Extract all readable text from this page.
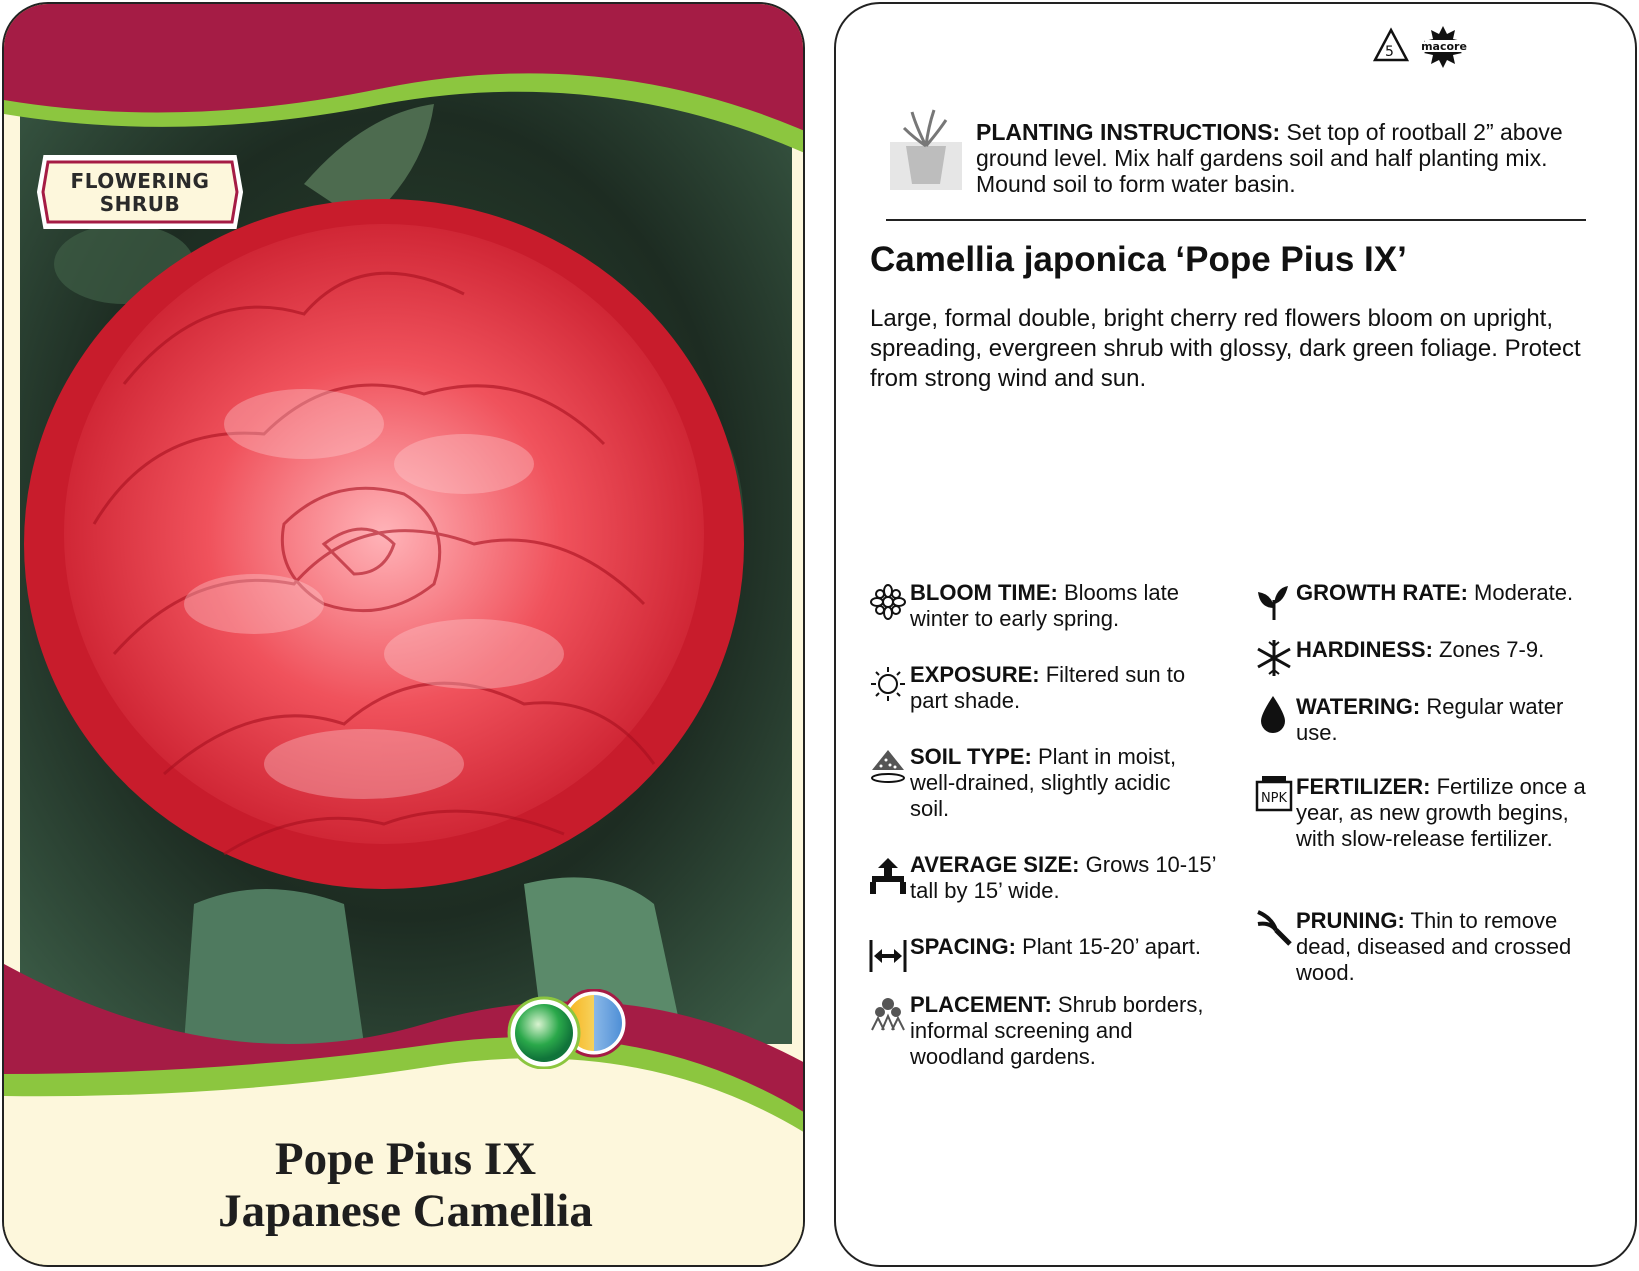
FLOWERING SHRUB
Pope Pius IX
Japanese Camellia
5 macore
PLANTING INSTRUCTIONS: Set top of rootball 2” above ground level. Mix half gardens soil and half planting mix. Mound soil to form water basin.
Camellia japonica ‘Pope Pius IX’
Large, formal double, bright cherry red flowers bloom on upright, spreading, evergreen shrub with glossy, dark green foliage. Protect from strong wind and sun.
BLOOM TIME: Blooms late winter to early spring.
EXPOSURE: Filtered sun to part shade.
SOIL TYPE: Plant in moist, well-drained, slightly acidic soil.
AVERAGE SIZE: Grows 10-15’ tall by 15’ wide.
SPACING: Plant 15-20’ apart.
PLACEMENT: Shrub borders, informal screening and woodland gardens.
GROWTH RATE: Moderate.
HARDINESS: Zones 7-9.
WATERING: Regular water use.
NPK FERTILIZER: Fertilize once a year, as new growth begins, with slow-release fertilizer.
PRUNING: Thin to remove dead, diseased and crossed wood.
